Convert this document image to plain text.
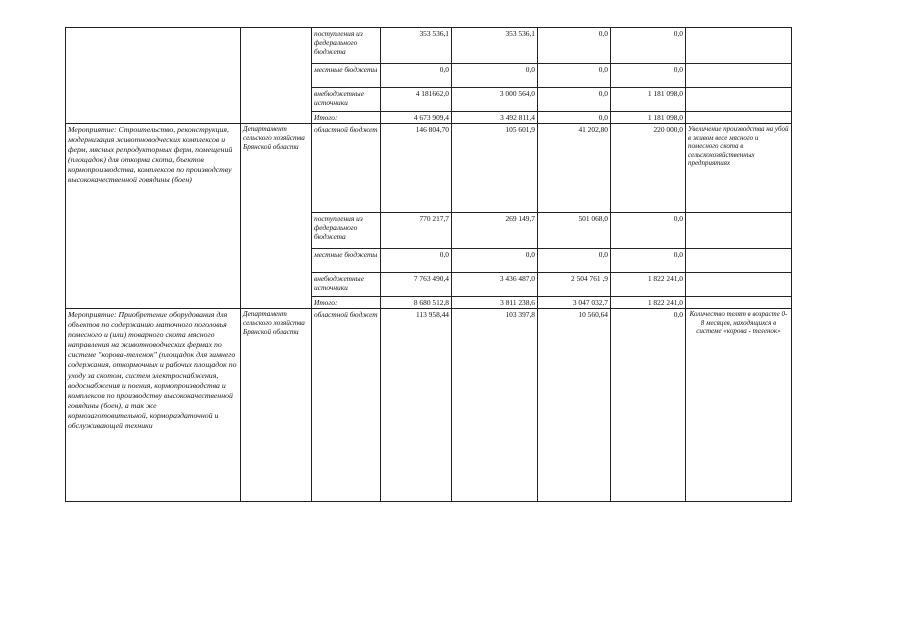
		поступления из федерального бюджета	353 536,1	353 536,1	0,0	0,0	
		местные бюджеты	0,0	0,0	0,0	0,0	
		внебюджетные источники	4 181662,0	3 000 564,0	0,0	1 181 098,0	
		Итого:	4 673 909,4	3 492 811,4	0,0	1 181 098,0	
Мероприятие: Строительство, реконструкция, модернизация животноводческих комплексов и ферм, мясных репродукторных ферм, помещений (площадок) для откорма скота, бъектов кормопроизводства, комплексов по производству высококачественной говядины (боен)	Департамент сельского хозяйства Брянской области	областной бюджет	146 804,70	105 601,9	41 202,80	220 000,0	Увеличение производства на убой в живом весе мясного и помесного скота в сельскохозяйственных предприятиях
		поступления из федерального бюджета	770 217,7	269 149,7	501 068,0	0,0	
		местные бюджеты	0,0	0,0	0,0	0,0	
		внебюджетные источники	7 763 490,4	3 436 487,0	2 504 761 ,9	1 822 241,0	
		Итого:	8 680 512,8	3 811 238,6	3 047 032,7	1 822 241,0	
Мероприятие: Приобретение оборудования для объектов по содержанию маточного поголовья помесного и (или) товарного скота мясного направления на животноводческих фермах по системе "корова-теленок" (площадок для зимнего содержания, откормочных и рабочих площадок по уходу за скотом, систем электроснабжения, водоснабжения и поения, кормопроизводства и комплексов по производству высококачественной говядины (боен), а так же кормозаготовительной, кормораздаточной и обслуживающей техники	Департамент сельского хозяйства Брянской области	областной бюджет	113 958,44	103 397,8	10 560,64	0,0	Количество телят в возрасте 0-8 месяцев, находящихся в системе «корова - теленок»
